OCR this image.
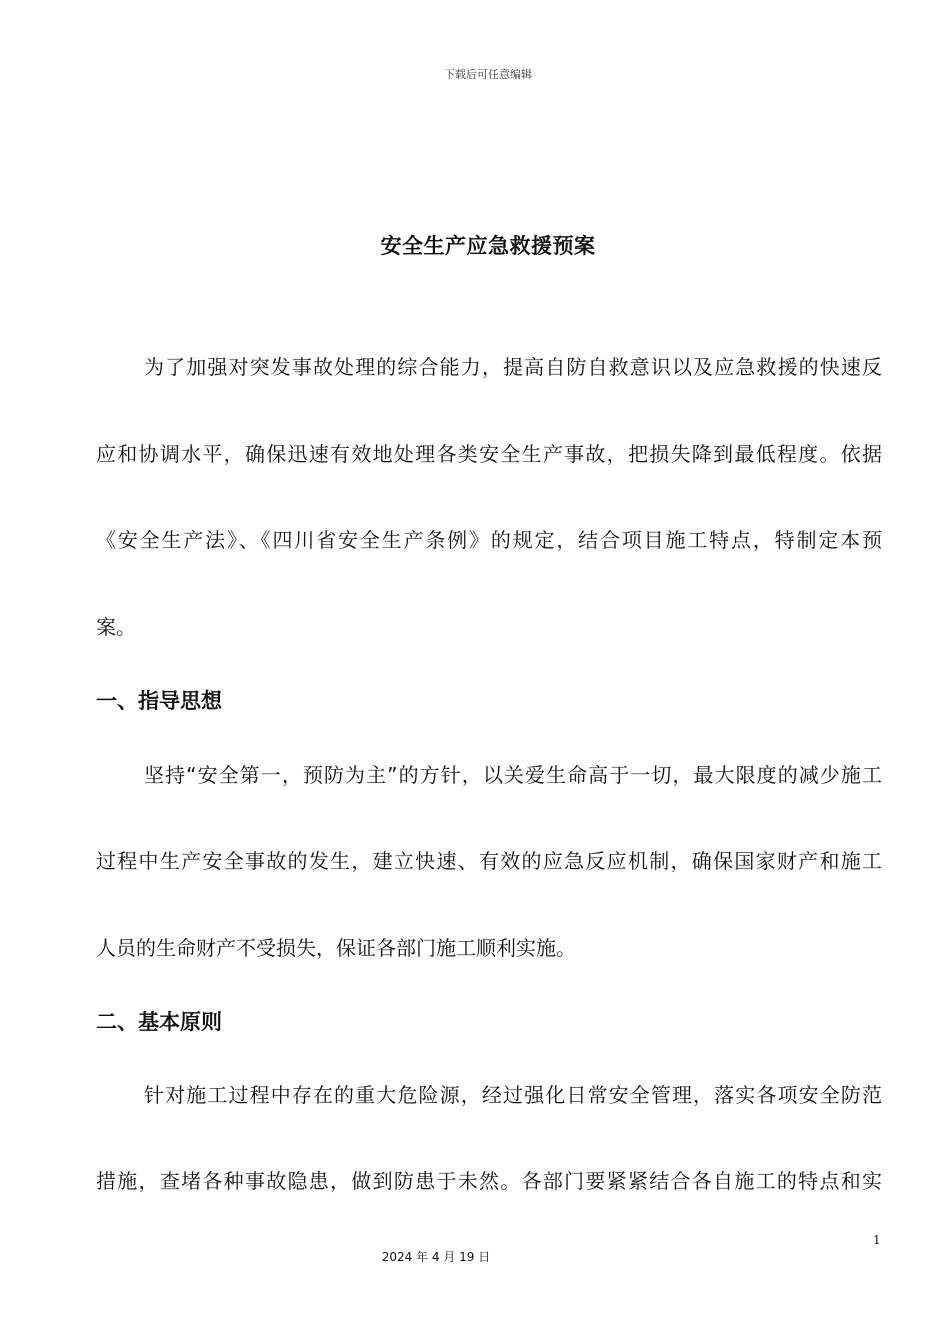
下载后可任意编辑
安全生产应急救援预案
为了加强对突发事故处理的综合能力，提高自防自救意识以及应急救援的快速反
应和协调水平，确保迅速有效地处理各类安全生产事故，把损失降到最低程度。依据
《安全生产法》、《四川省安全生产条例》的规定，结合项目施工特点，特制定本预
案。
一、指导思想
坚持“安全第一，预防为主”的方针，以关爱生命高于一切，最大限度的减少施工
过程中生产安全事故的发生，建立快速、有效的应急反应机制，确保国家财产和施工
人员的生命财产不受损失，保证各部门施工顺利实施。
二、基本原则
针对施工过程中存在的重大危险源，经过强化日常安全管理，落实各项安全防范
措施，查堵各种事故隐患，做到防患于未然。各部门要紧紧结合各自施工的特点和实
1
2024 年 4 月 19 日
